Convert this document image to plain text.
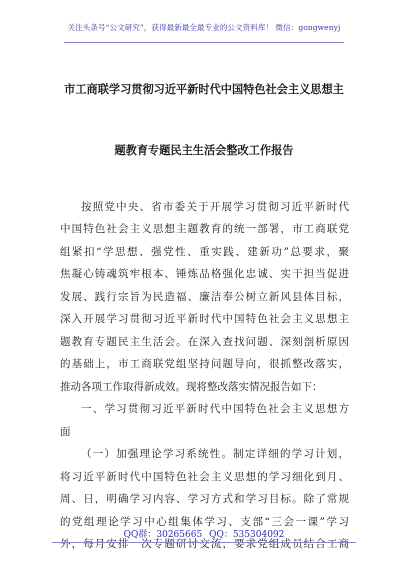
关注头条号“公文研究”，获得最新最全最专业的公文资料库！ 微信：gongwenyj
市工商联学习贯彻习近平新时代中国特色社会主义思想主
题教育专题民主生活会整改工作报告

按照党中央、省市委关于开展学习贯彻习近平新时代

中国特色社会主义思想主题教育的统一部署，市工商联党

组紧扣“学思想、强党性、重实践、建新功”总要求，聚

焦凝心铸魂筑牢根本、锤炼品格强化忠诚、实干担当促进

发展、践行宗旨为民造福、廉洁奉公树立新风县体目标，

深入开展学习贯彻习近平新时代中国特色社会主义思想主

题教育专题民主生活会。在深入查找问题、深刻剖析原因

的基础上，市工商联党组坚持问题导向，很抓整改落实，

推动各项工作取得新成效。现将整改落实情况报告如下：

一、学习贯彻习近平新时代中国特色社会主义思想方

面

（一）加强理论学习系统性。制定详细的学习计划，

将习近平新时代中国特色社会主义思想的学习细化到月、

周、日，明确学习内容、学习方式和学习目标。除了常规

的党组理论学习中心组集体学习、支部“三会一课”学习

外，每月安排一次专题研讨交流，要求党组成员结合工商

QQ群：30265665 QQ：535304092
